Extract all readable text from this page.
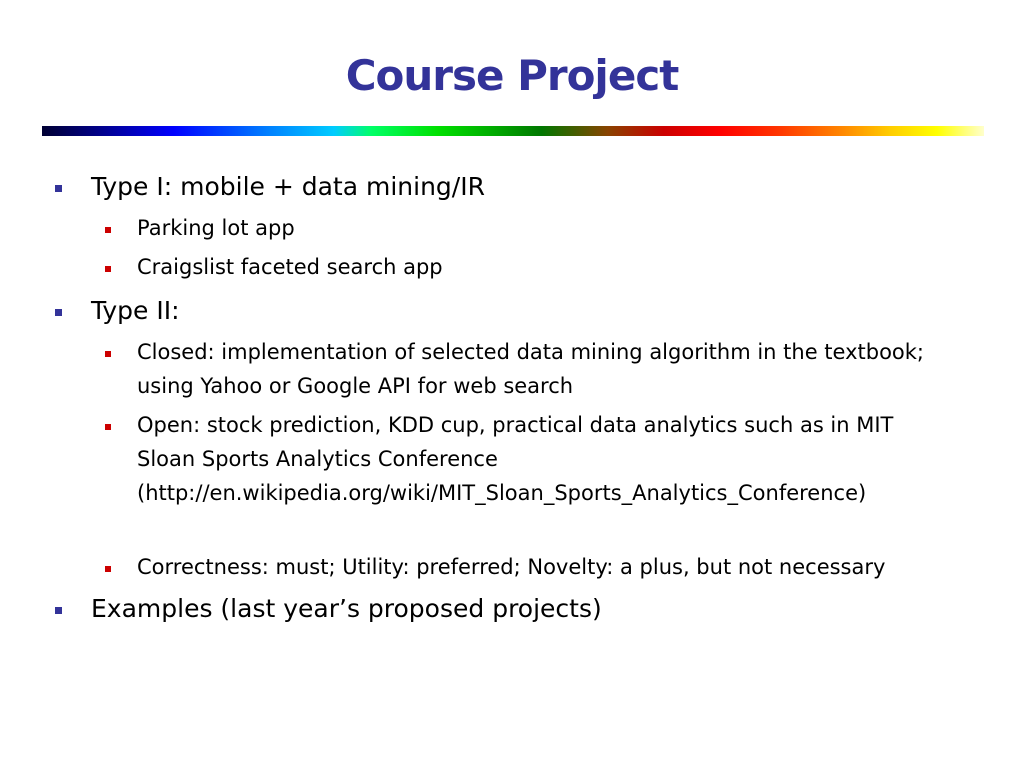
Course Project
Type I: mobile + data mining/IR
Parking lot app
Craigslist faceted search app
Type II:
Closed: implementation of selected data mining algorithm in the textbook;
using Yahoo or Google API for web search
Open: stock prediction, KDD cup, practical data analytics such as in MIT
Sloan Sports Analytics Conference
(http://en.wikipedia.org/wiki/MIT_Sloan_Sports_Analytics_Conference)
Correctness: must; Utility: preferred; Novelty: a plus, but not necessary
Examples (last year’s proposed projects)
